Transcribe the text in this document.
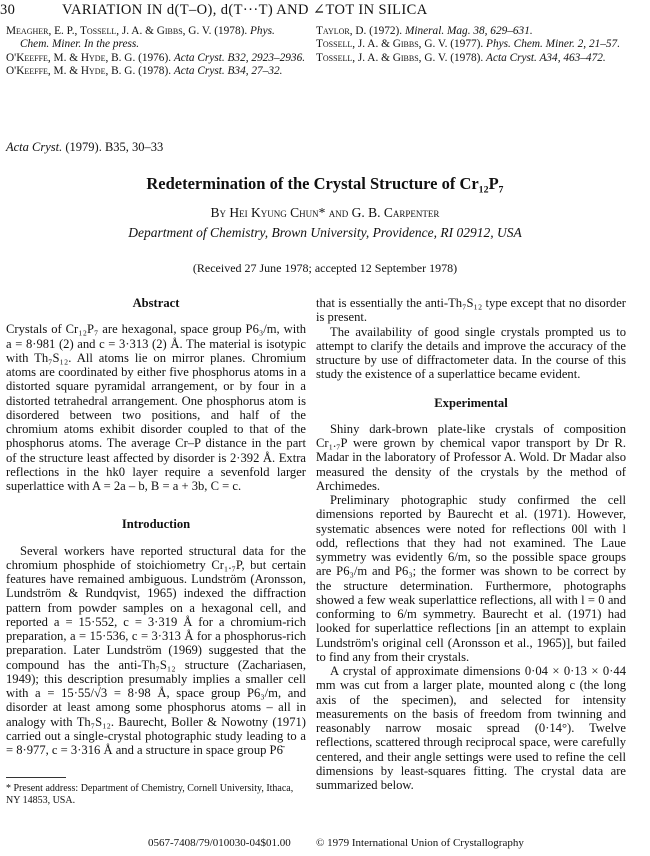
30	VARIATION IN d(T–O), d(T···T) AND ∠TOT IN SILICA

Meagher, E. P., Tossell, J. A. & Gibbs, G. V. (1978). Phys. Chem. Miner. In the press.

O'Keeffe, M. & Hyde, B. G. (1976). Acta Cryst. B32, 2923–2936.

O'Keeffe, M. & Hyde, B. G. (1978). Acta Cryst. B34, 27–32.

Taylor, D. (1972). Mineral. Mag. 38, 629–631.

Tossell, J. A. & Gibbs, G. V. (1977). Phys. Chem. Miner. 2, 21–57.

Tossell, J. A. & Gibbs, G. V. (1978). Acta Cryst. A34, 463–472.

Acta Cryst. (1979). B35, 30–33
Redetermination of the Crystal Structure of Cr₁₂P₇
By Hei Kyung Chun* and G. B. Carpenter
Department of Chemistry, Brown University, Providence, RI 02912, USA
(Received 27 June 1978; accepted 12 September 1978)

Abstract

Crystals of Cr₁₂P₇ are hexagonal, space group P6₃/m, with a = 8·981 (2) and c = 3·313 (2) Å. The material is isotypic with Th₇S₁₂. All atoms lie on mirror planes. Chromium atoms are coordinated by either five phosphorus atoms in a distorted square pyramidal arrangement, or by four in a distorted tetrahedral arrangement. One phosphorus atom is disordered between two positions, and half of the chromium atoms exhibit disorder coupled to that of the phosphorus atoms. The average Cr–P distance in the part of the structure least affected by disorder is 2·392 Å. Extra reflections in the hk0 layer require a sevenfold larger superlattice with A = 2a – b, B = a + 3b, C = c.

Introduction

Several workers have reported structural data for the chromium phosphide of stoichiometry Cr₁.₇P, but certain features have remained ambiguous. Lundström (Aronsson, Lundström & Rundqvist, 1965) indexed the diffraction pattern from powder samples on a hexagonal cell, and reported a = 15·552, c = 3·319 Å for a chromium-rich preparation, a = 15·536, c = 3·313 Å for a phosphorus-rich preparation. Later Lundström (1969) suggested that the compound has the anti-Th₇S₁₂ structure (Zachariasen, 1949); this description presumably implies a smaller cell with a = 15·55/√3 = 8·98 Å, space group P6₃/m, and disorder at least among some phosphorus atoms – all in analogy with Th₇S₁₂. Baurecht, Boller & Nowotny (1971) carried out a single-crystal photographic study leading to a = 8·977, c = 3·316 Å and a structure in space group P6̄

* Present address: Department of Chemistry, Cornell University, Ithaca, NY 14853, USA.

that is essentially the anti-Th₇S₁₂ type except that no disorder is present.

The availability of good single crystals prompted us to attempt to clarify the details and improve the accuracy of the structure by use of diffractometer data. In the course of this study the existence of a superlattice became evident.

Experimental

Shiny dark-brown plate-like crystals of composition Cr₁.₇P were grown by chemical vapor transport by Dr R. Madar in the laboratory of Professor A. Wold. Dr Madar also measured the density of the crystals by the method of Archimedes.

Preliminary photographic study confirmed the cell dimensions reported by Baurecht et al. (1971). However, systematic absences were noted for reflections 00l with l odd, reflections that they had not examined. The Laue symmetry was evidently 6/m, so the possible space groups are P6₃/m and P6₃; the former was shown to be correct by the structure determination. Furthermore, photographs showed a few weak superlattice reflections, all with l = 0 and conforming to 6/m symmetry. Baurecht et al. (1971) had looked for superlattice reflections [in an attempt to explain Lundström's original cell (Aronsson et al., 1965)], but failed to find any from their crystals.

A crystal of approximate dimensions 0·04 × 0·13 × 0·44 mm was cut from a larger plate, mounted along c (the long axis of the specimen), and selected for intensity measurements on the basis of freedom from twinning and reasonably narrow mosaic spread (0·14°). Twelve reflections, scattered through reciprocal space, were carefully centered, and their angle settings were used to refine the cell dimensions by least-squares fitting. The crystal data are summarized below.

0567-7408/79/010030-04$01.00 © 1979 International Union of Crystallography
